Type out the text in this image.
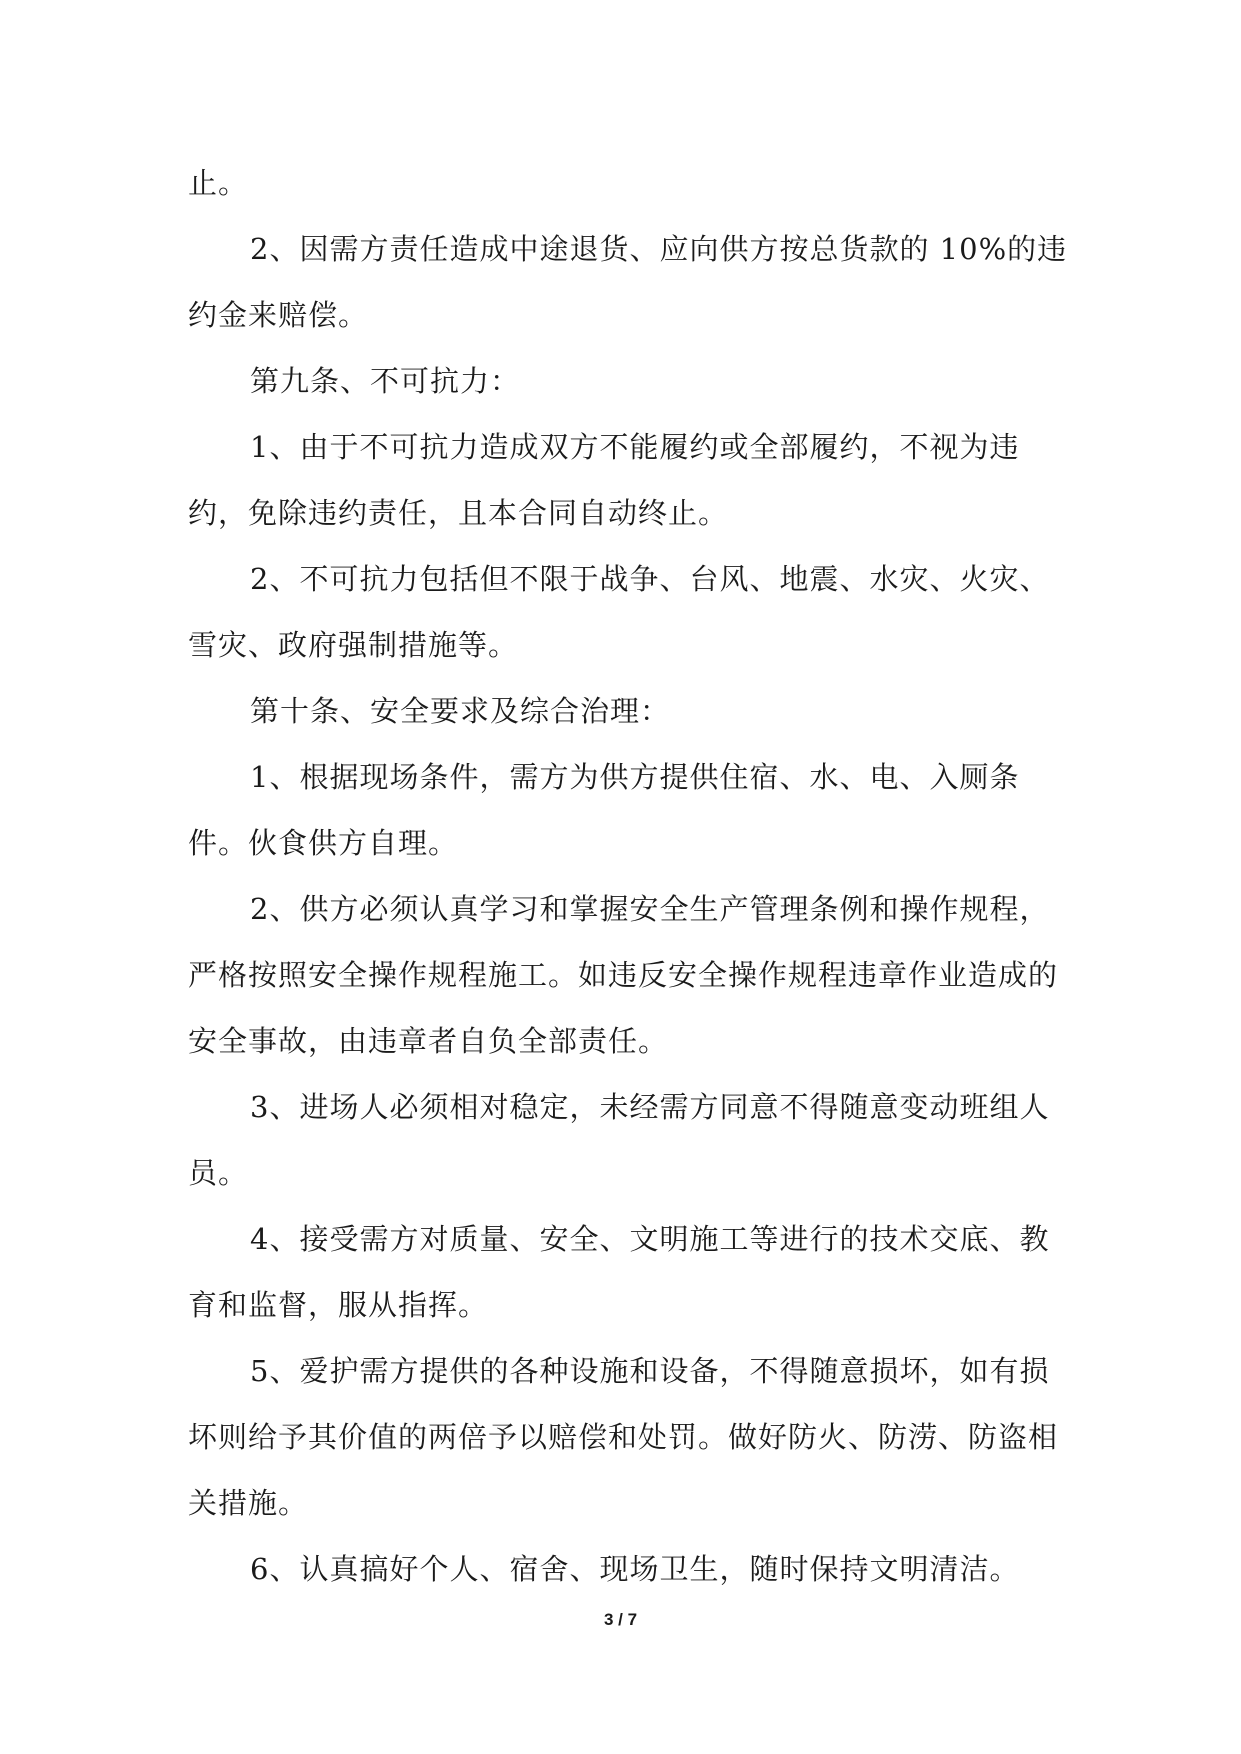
止。

2、因需方责任造成中途退货、应向供方按总货款的 10%的违约金来赔偿。

第九条、不可抗力：

1、由于不可抗力造成双方不能履约或全部履约，不视为违约，免除违约责任，且本合同自动终止。

2、不可抗力包括但不限于战争、台风、地震、水灾、火灾、雪灾、政府强制措施等。

第十条、安全要求及综合治理：

1、根据现场条件，需方为供方提供住宿、水、电、入厕条件。伙食供方自理。

2、供方必须认真学习和掌握安全生产管理条例和操作规程，严格按照安全操作规程施工。如违反安全操作规程违章作业造成的安全事故，由违章者自负全部责任。

3、进场人必须相对稳定，未经需方同意不得随意变动班组人员。

4、接受需方对质量、安全、文明施工等进行的技术交底、教育和监督，服从指挥。

5、爱护需方提供的各种设施和设备，不得随意损坏，如有损坏则给予其价值的两倍予以赔偿和处罚。做好防火、防涝、防盗相关措施。

6、认真搞好个人、宿舍、现场卫生，随时保持文明清洁。

3 / 7
